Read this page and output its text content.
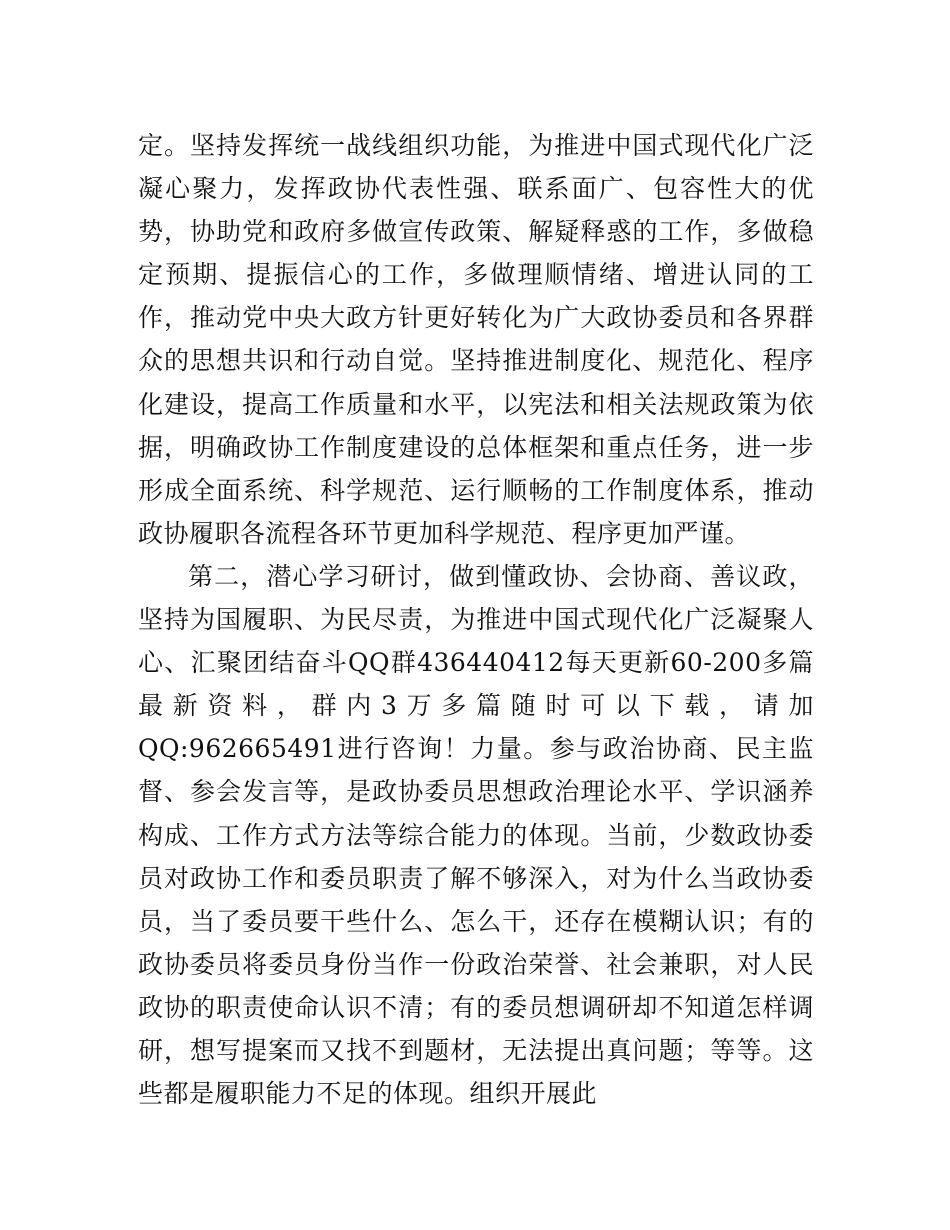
定。坚持发挥统一战线组织功能，为推进中国式现代化广泛凝心聚力，发挥政协代表性强、联系面广、包容性大的优势，协助党和政府多做宣传政策、解疑释惑的工作，多做稳定预期、提振信心的工作，多做理顺情绪、增进认同的工作，推动党中央大政方针更好转化为广大政协委员和各界群众的思想共识和行动自觉。坚持推进制度化、规范化、程序化建设，提高工作质量和水平，以宪法和相关法规政策为依据，明确政协工作制度建设的总体框架和重点任务，进一步形成全面系统、科学规范、运行顺畅的工作制度体系，推动政协履职各流程各环节更加科学规范、程序更加严谨。

第二，潜心学习研讨，做到懂政协、会协商、善议政，坚持为国履职、为民尽责，为推进中国式现代化广泛凝聚人心、汇聚团结奋斗QQ群436440412每天更新60-200多篇最新资料，群内3万多篇随时可以下载，请加QQ:962665491进行咨询！力量。参与政治协商、民主监督、参会发言等，是政协委员思想政治理论水平、学识涵养构成、工作方式方法等综合能力的体现。当前，少数政协委员对政协工作和委员职责了解不够深入，对为什么当政协委员，当了委员要干些什么、怎么干，还存在模糊认识；有的政协委员将委员身份当作一份政治荣誉、社会兼职，对人民政协的职责使命认识不清；有的委员想调研却不知道怎样调研，想写提案而又找不到题材，无法提出真问题；等等。这些都是履职能力不足的体现。组织开展此
